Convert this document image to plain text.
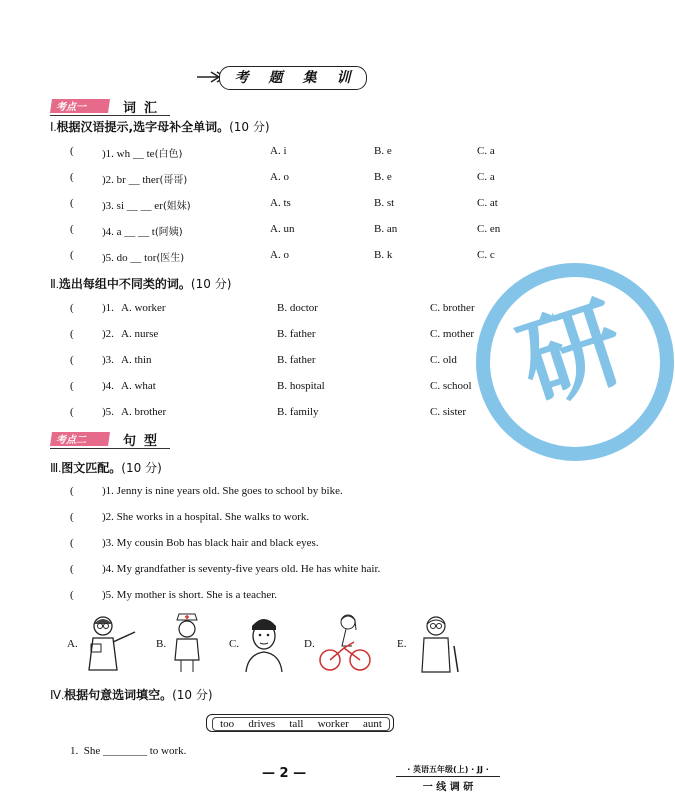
研
考 题 集 训
考点一	词汇
Ⅰ.根据汉语提示,选字母补全单词。(10 分)
(	)1. wh __ te(白色)	A. i	B. e	C. a
(	)2. br __ ther(哥哥)	A. o	B. e	C. a
(	)3. si __ __ er(姐妹)	A. ts	B. st	C. at
(	)4. a __ __ t(阿姨)	A. un	B. an	C. en
(	)5. do __ tor(医生)	A. o	B. k	C. c
Ⅱ.选出每组中不同类的词。(10 分)
(	)1. A. worker	B. doctor	C. brother
(	)2. A. nurse	B. father	C. mother
(	)3. A. thin	B. father	C. old
(	)4. A. what	B. hospital	C. school
(	)5. A. brother	B. family	C. sister
考点二	句型
Ⅲ.图文匹配。(10 分)
(	)1. Jenny is nine years old. She goes to school by bike.
(	)2. She works in a hospital. She walks to work.
(	)3. My cousin Bob has black hair and black eyes.
(	)4. My grandfather is seventy-five years old. He has white hair.
(	)5. My mother is short. She is a teacher.
A.	B.	C.	D.	E.
Ⅳ.根据句意选词填空。(10 分)
too drives tall worker aunt
1. She ________ to work.
— 2 —	· 英语五年级(上) · JJ ·
一 线 调 研
